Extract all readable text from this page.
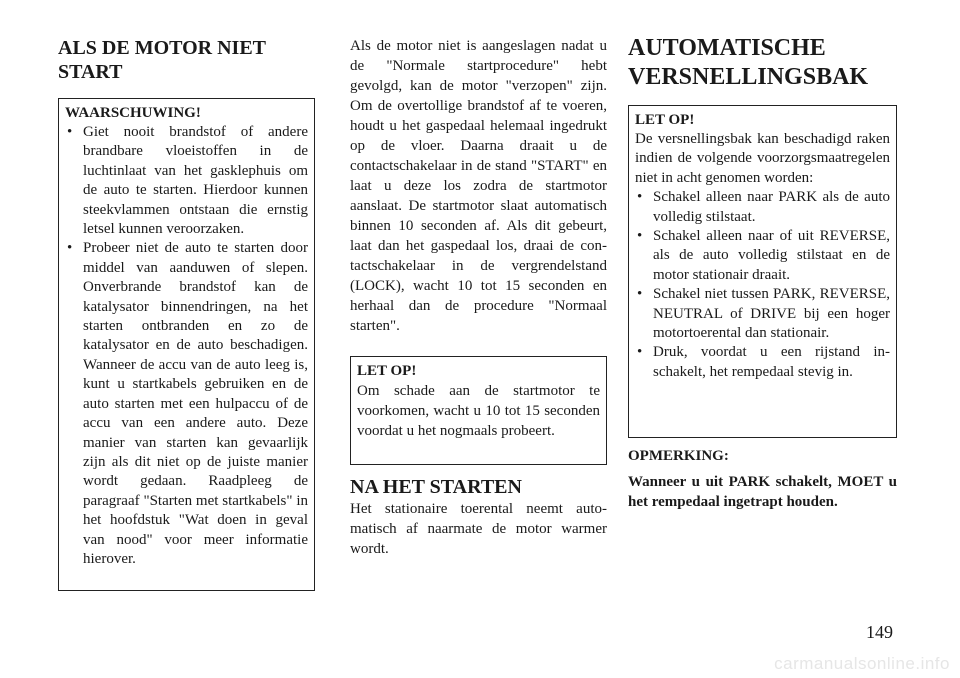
ALS DE MOTOR NIET START

WAARSCHUWING!

• Giet nooit brandstof of andere brandbare vloeistoffen in de luchtinlaat van het gasklephuis om de auto te starten. Hierdoor kunnen steekvlammen ontstaan die ernstig letsel kunnen veroorzaken.
• Probeer niet de auto te starten door middel van aanduwen of slepen. Onverbrande brandstof kan de katalysator binnendringen, na het starten ontbranden en zo de katalysator en de auto beschadigen. Wanneer de accu van de auto leeg is, kunt u startkabels gebruiken en de auto starten met een hulpaccu of de accu van een andere auto. Deze manier van starten kan gevaarlijk zijn als dit niet op de juiste manier wordt gedaan. Raadpleeg de paragraaf "Starten met startkabels" in het hoofdstuk "Wat doen in geval van nood" voor meer informatie hierover.

Als de motor niet is aangeslagen nadat u de "Normale startprocedure" hebt gevolgd, kan de motor "verzopen" zijn. Om de overtollige brandstof af te voeren, houdt u het gaspedaal helemaal ingedrukt op de vloer. Daarna draait u de contactschakelaar in de stand "START" en laat u deze los zodra de startmotor aanslaat. De startmotor slaat automatisch binnen 10 seconden af. Als dit gebeurt, laat dan het gaspedaal los, draai de contactschakelaar in de vergrendelstand (LOCK), wacht 10 tot 15 seconden en herhaal dan de procedure "Normaal starten".

LET OP!

Om schade aan de startmotor te voorkomen, wacht u 10 tot 15 seconden voordat u het nogmaals probeert.

NA HET STARTEN

Het stationaire toerental neemt automatisch af naarmate de motor warmer wordt.

AUTOMATISCHE VERSNELLINGSBAK

LET OP!

De versnellingsbak kan beschadigd raken indien de volgende voorzorgsmaatregelen niet in acht genomen worden:

• Schakel alleen naar PARK als de auto volledig stilstaat.
• Schakel alleen naar of uit REVERSE, als de auto volledig stilstaat en de motor stationair draait.
• Schakel niet tussen PARK, REVERSE, NEUTRAL of DRIVE bij een hoger motortoerental dan stationair.
• Druk, voordat u een rijstand inschakelt, het rempedaal stevig in.

OPMERKING:

Wanneer u uit PARK schakelt, MOET u het rempedaal ingetrapt houden.

149
carmanualsonline.info
